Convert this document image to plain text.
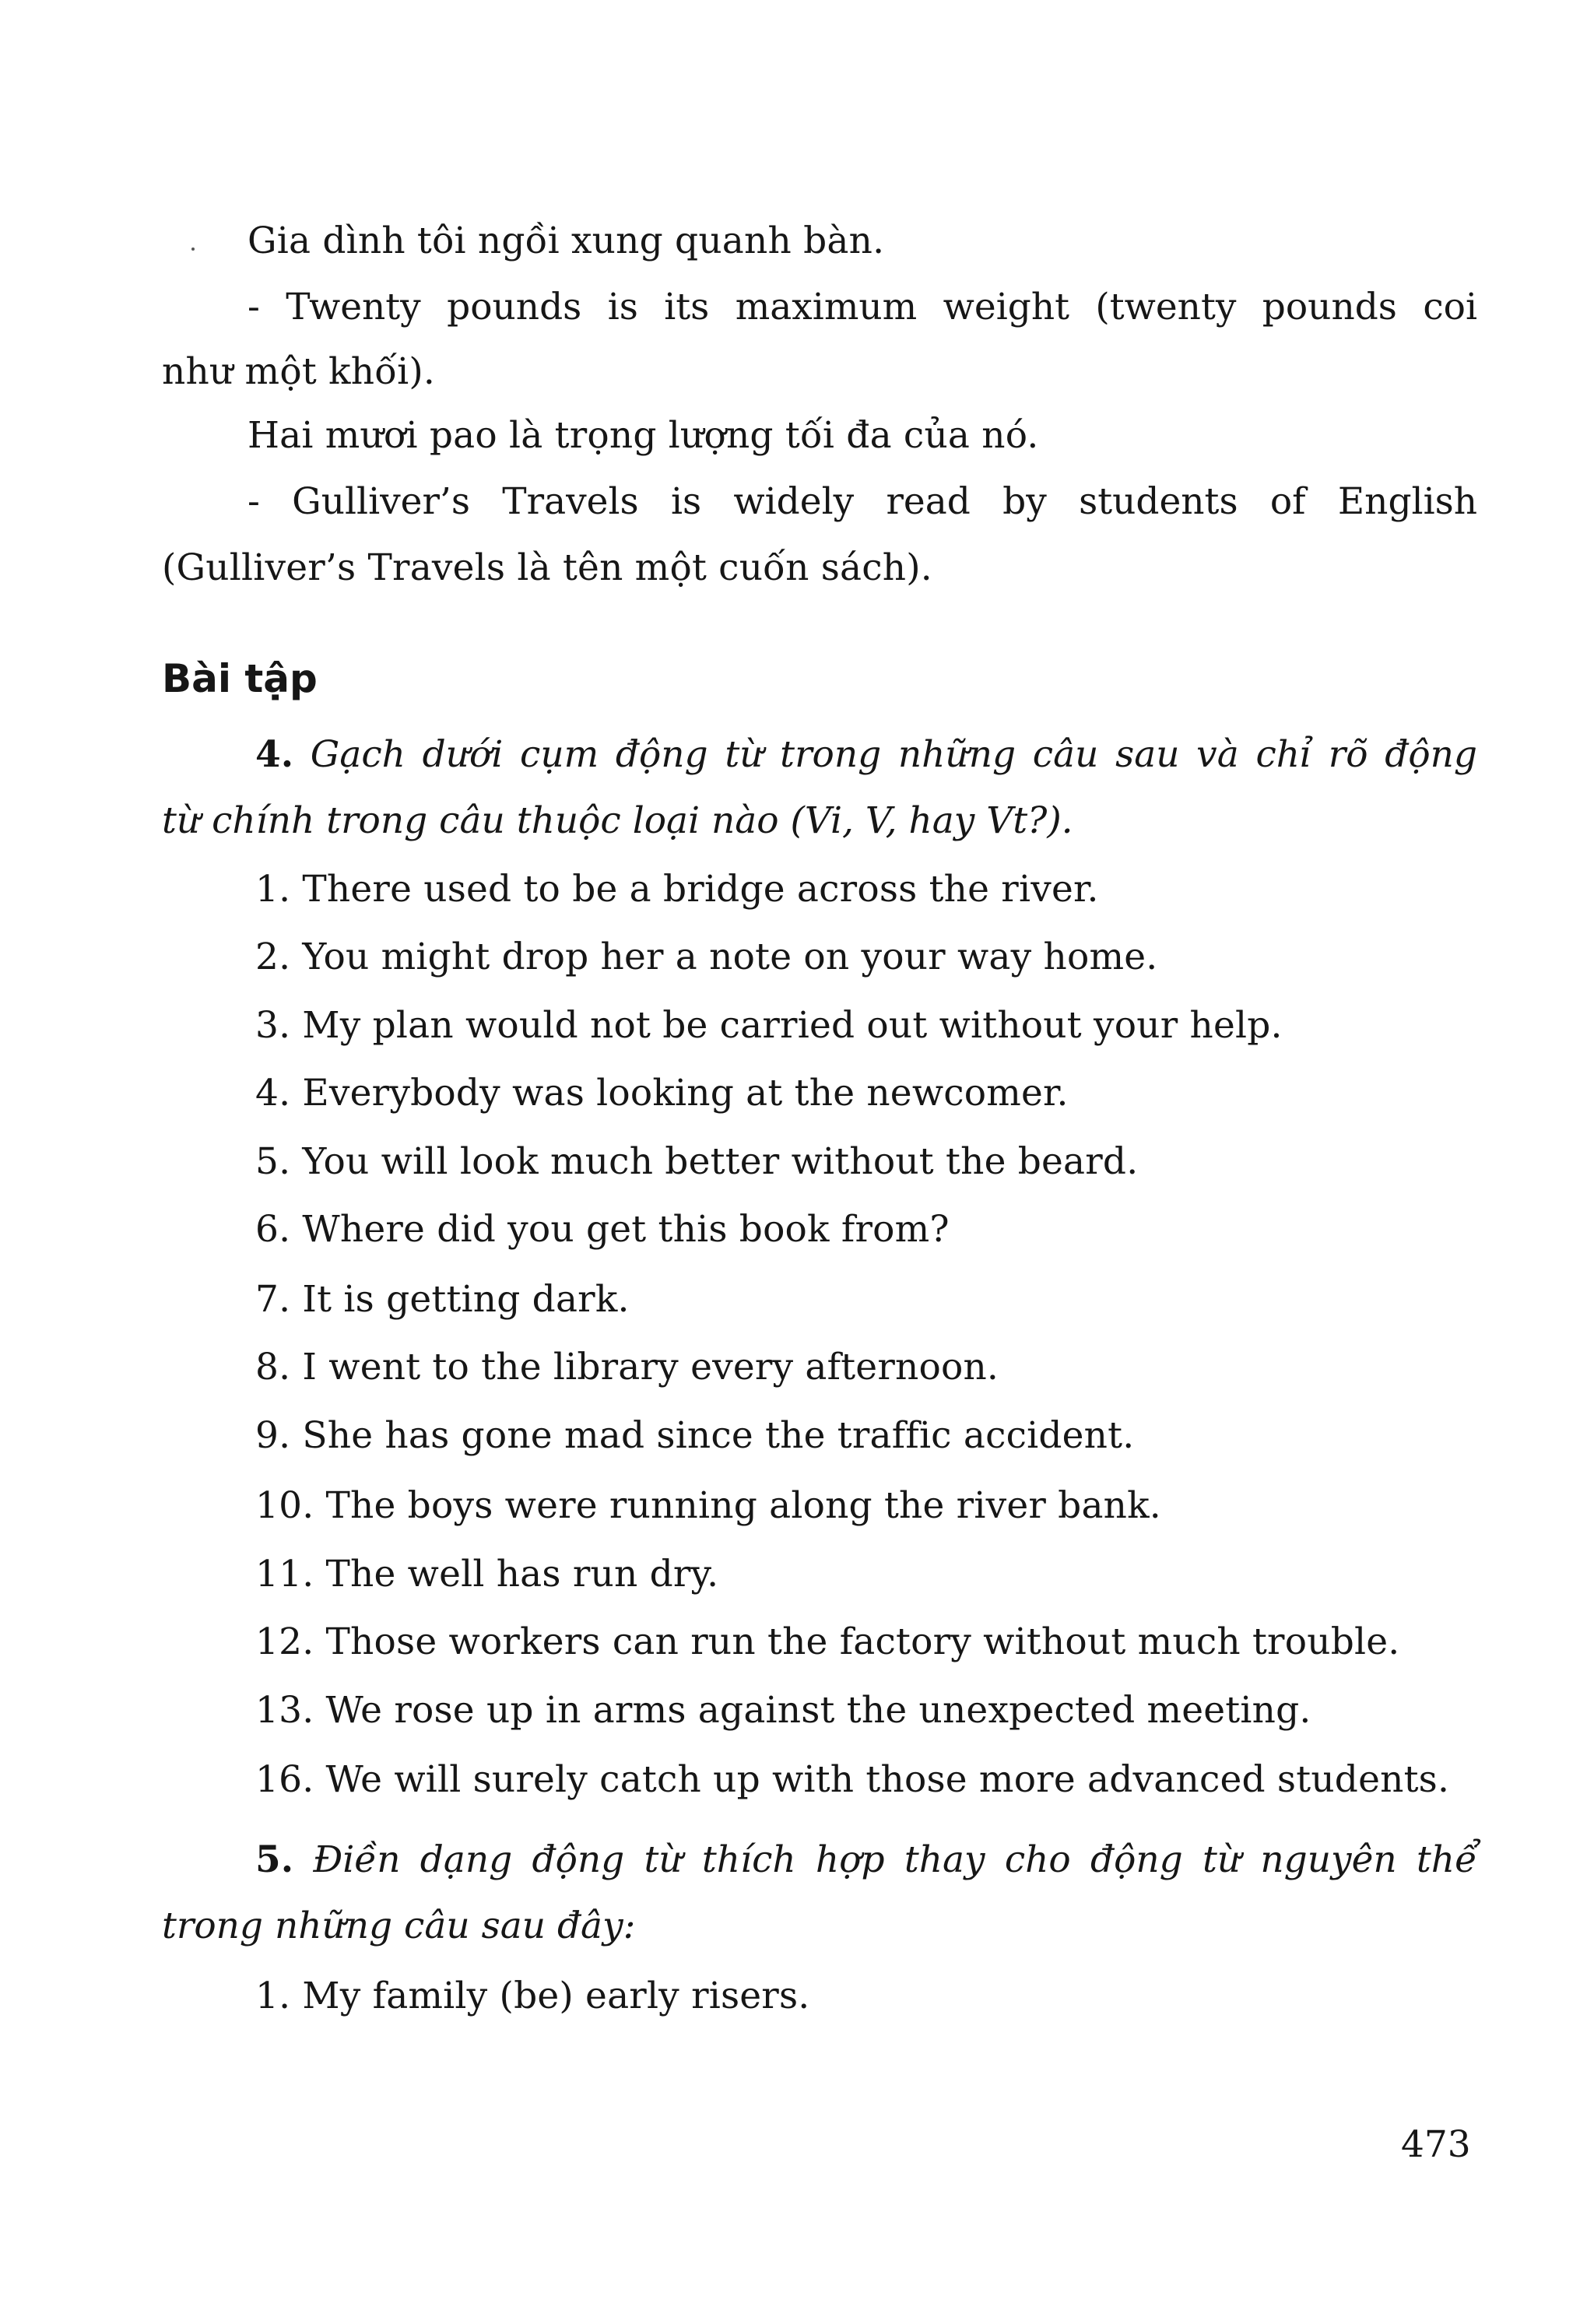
Gia dình tôi ngồi xung quanh bàn.
- Twenty pounds is its maximum weight (twenty pounds coi
như một khối).
Hai mươi pao là trọng lượng tối đa của nó.
- Gulliver’s Travels is widely read by students of English
(Gulliver’s Travels là tên một cuốn sách).
Bài tập
4. Gạch dưới cụm động từ trong những câu sau và chỉ rõ động
từ chính trong câu thuộc loại nào (Vi, V, hay Vt?).
1. There used to be a bridge across the river.
2. You might drop her a note on your way home.
3. My plan would not be carried out without your help.
4. Everybody was looking at the newcomer.
5. You will look much better without the beard.
6. Where did you get this book from?
7. It is getting dark.
8. I went to the library every afternoon.
9. She has gone mad since the traffic accident.
10. The boys were running along the river bank.
11. The well has run dry.
12. Those workers can run the factory without much trouble.
13. We rose up in arms against the unexpected meeting.
16. We will surely catch up with those more advanced students.
5. Điền dạng động từ thích hợp thay cho động từ nguyên thể
trong những câu sau đây:
1. My family (be) early risers.
473
